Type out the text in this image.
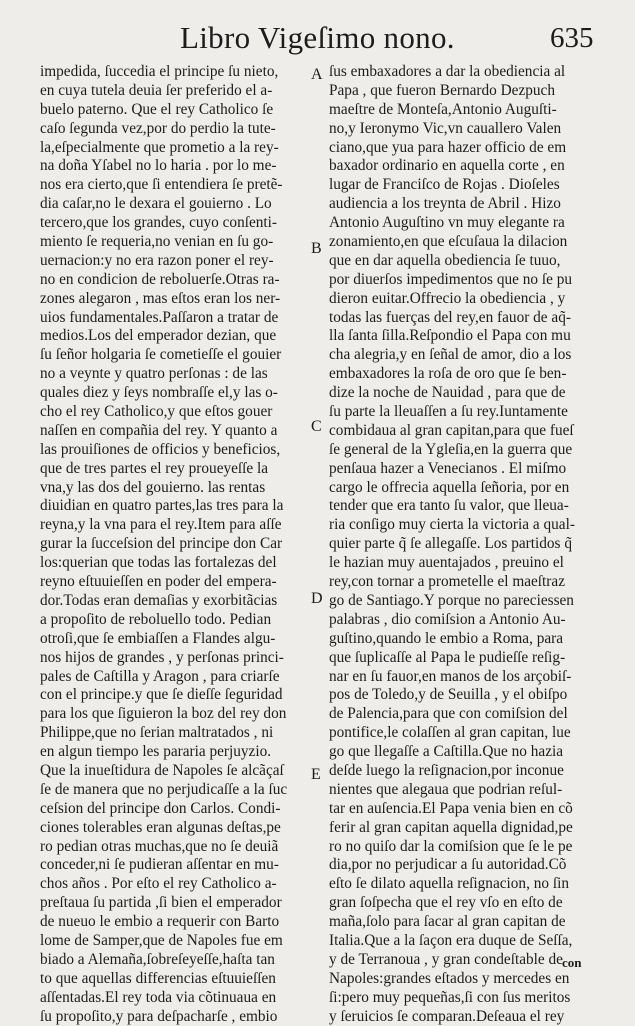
Libro Vigeſimo nono.	635
impedida, ſuccedia el principe ſu nieto,
en cuya tutela deuia ſer preferido el a-
buelo paterno. Que el rey Catholico ſe
caſo ſegunda vez,por do perdio la tute-
la,eſpecialmente que prometio a la rey-
na doña Yſabel no lo haria . por lo me-
nos era cierto,que ſi entendiera ſe pretẽ-
dia caſar,no le dexara el gouierno . Lo
tercero,que los grandes, cuyo conſenti-
miento ſe requeria,no venian en ſu go-
uernacion:y no era razon poner el rey-
no en condicion de reboluerſe.Otras ra-
zones alegaron , mas eſtos eran los ner-
uios fundamentales.Paſſaron a tratar de
medios.Los del emperador dezian, que
ſu ſeñor holgaria ſe cometieſſe el gouier
no a veynte y quatro perſonas : de las
quales diez y ſeys nombraſſe el,y las o-
cho el rey Catholico,y que eſtos gouer
naſſen en compañia del rey. Y quanto a
las prouiſiones de officios y beneficios,
que de tres partes el rey proueyeſſe la
vna,y las dos del gouierno. las rentas
diuidian en quatro partes,las tres para la
reyna,y la vna para el rey.Item para aſſe
gurar la ſucceſsion del principe don Car
los:querian que todas las fortalezas del
reyno eſtuuieſſen en poder del empera-
dor.Todas eran demaſias y exorbitãcias
a propoſito de reboluello todo. Pedian
otroſi,que ſe embiaſſen a Flandes algu-
nos hijos de grandes , y perſonas princi-
pales de Caſtilla y Aragon , para criarſe
con el principe.y que ſe dieſſe ſeguridad
para los que ſiguieron la boz del rey don
Philippe,que no ſerian maltratados , ni
en algun tiempo les pararia perjuyzio.
Que la inueſtidura de Napoles ſe alcãçaſ
ſe de manera que no perjudicaſſe a la ſuc
ceſsion del principe don Carlos. Condi-
ciones tolerables eran algunas deſtas,pe
ro pedian otras muchas,que no ſe deuiã
conceder,ni ſe pudieran aſſentar en mu-
chos años . Por eſto el rey Catholico a-
preſtaua ſu partida ,ſi bien el emperador
de nueuo le embio a requerir con Barto
lome de Samper,que de Napoles fue em
biado a Alemaña,ſobreſeyeſſe,haſta tan
to que aquellas differencias eſtuuieſſen
aſſentadas.El rey toda via cõtinuaua en
ſu propoſito,y para deſpacharſe , embio
ſus embaxadores a dar la obediencia al
Papa , que fueron Bernardo Dezpuch
maeſtre de Monteſa,Antonio Auguſti-
no,y Ieronymo Vic,vn cauallero Valen
ciano,que yua para hazer officio de em
baxador ordinario en aquella corte , en
lugar de Franciſco de Rojas . Dioſeles
audiencia a los treynta de Abril . Hizo
Antonio Auguſtino vn muy elegante ra
zonamiento,en que eſcuſaua la dilacion
que en dar aquella obediencia ſe tuuo,
por diuerſos impedimentos que no ſe pu
dieron euitar.Offrecio la obediencia , y
todas las fuerças del rey,en fauor de aq̃-
lla ſanta ſilla.Reſpondio el Papa con mu
cha alegria,y en ſeñal de amor, dio a los
embaxadores la roſa de oro que ſe ben-
dize la noche de Nauidad , para que de
ſu parte la lleuaſſen a ſu rey.Iuntamente
combidaua al gran capitan,para que fueſ
ſe general de la Ygleſia,en la guerra que
penſaua hazer a Venecianos . El miſmo
cargo le offrecia aquella ſeñoria, por en
tender que era tanto ſu valor, que lleua-
ria conſigo muy cierta la victoria a qual-
quier parte q̃ ſe allegaſſe. Los partidos q̃
le hazian muy auentajados , preuino el
rey,con tornar a prometelle el maeſtraz
go de Santiago.Y porque no pareciessen
palabras , dio comiſsion a Antonio Au-
guſtino,quando le embio a Roma, para
que ſuplicaſſe al Papa le pudieſſe reſig-
nar en ſu fauor,en manos de los arçobiſ-
pos de Toledo,y de Seuilla , y el obiſpo
de Palencia,para que con comiſsion del
pontifice,le colaſſen al gran capitan, lue
go que llegaſſe a Caſtilla.Que no hazia
deſde luego la reſignacion,por inconue
nientes que alegaua que podrian reſul-
tar en auſencia.El Papa venia bien en cõ
ferir al gran capitan aquella dignidad,pe
ro no quiſo dar la comiſsion que ſe le pe
dia,por no perjudicar a ſu autoridad.Cõ
eſto ſe dilato aquella reſignacion, no ſin
gran ſoſpecha que el rey vſo en eſto de
maña,ſolo para ſacar al gran capitan de
Italia.Que a la ſaçon era duque de Seſſa,
y de Terranoua , y gran condeſtable de
Napoles:grandes eſtados y mercedes en
ſi:pero muy pequeñas,ſi con ſus meritos
y ſeruicios ſe comparan.Deſeaua el rey
A
B
C
D
E
con
